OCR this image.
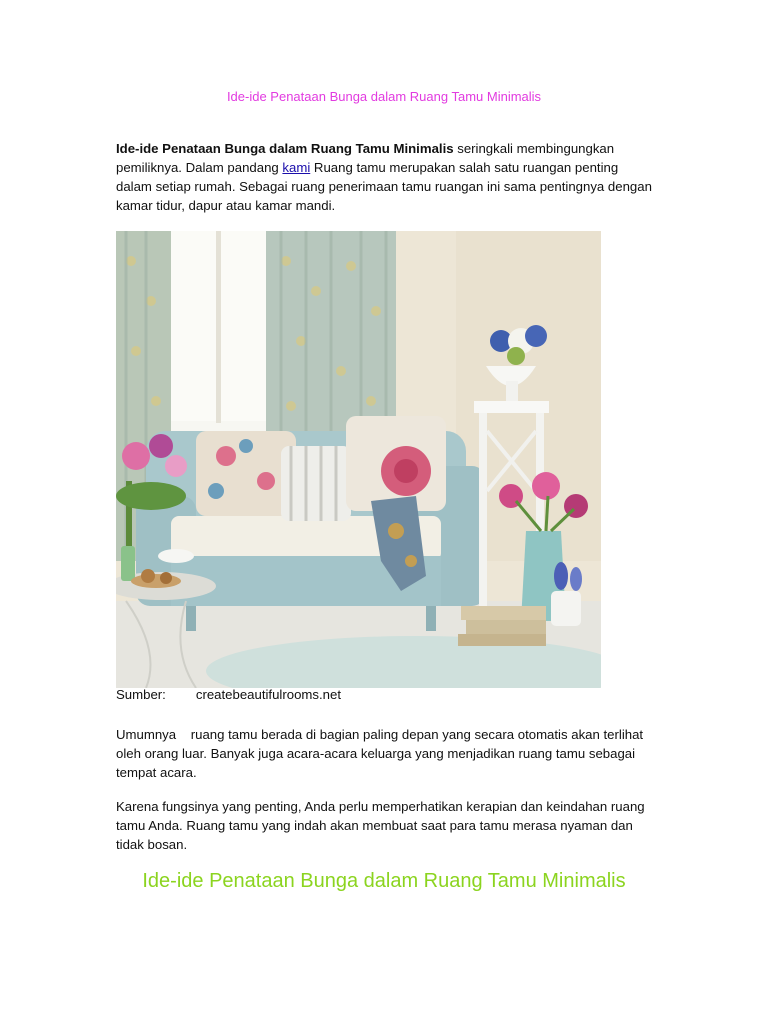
Ide-ide Penataan Bunga dalam Ruang Tamu Minimalis
Ide-ide Penataan Bunga dalam Ruang Tamu Minimalis seringkali membingungkan pemiliknya. Dalam pandang kami Ruang tamu merupakan salah satu ruangan penting dalam setiap rumah. Sebagai ruang penerimaan tamu ruangan ini sama pentingnya dengan kamar tidur, dapur atau kamar mandi.
Sumber: createbeautifulrooms.net
Umumnya    ruang tamu berada di bagian paling depan yang secara otomatis akan terlihat oleh orang luar. Banyak juga acara-acara keluarga yang menjadikan ruang tamu sebagai tempat acara.
Karena fungsinya yang penting, Anda perlu memperhatikan kerapian dan keindahan ruang tamu Anda. Ruang tamu yang indah akan membuat saat para tamu merasa nyaman dan tidak bosan.
Ide-ide Penataan Bunga dalam Ruang Tamu Minimalis
